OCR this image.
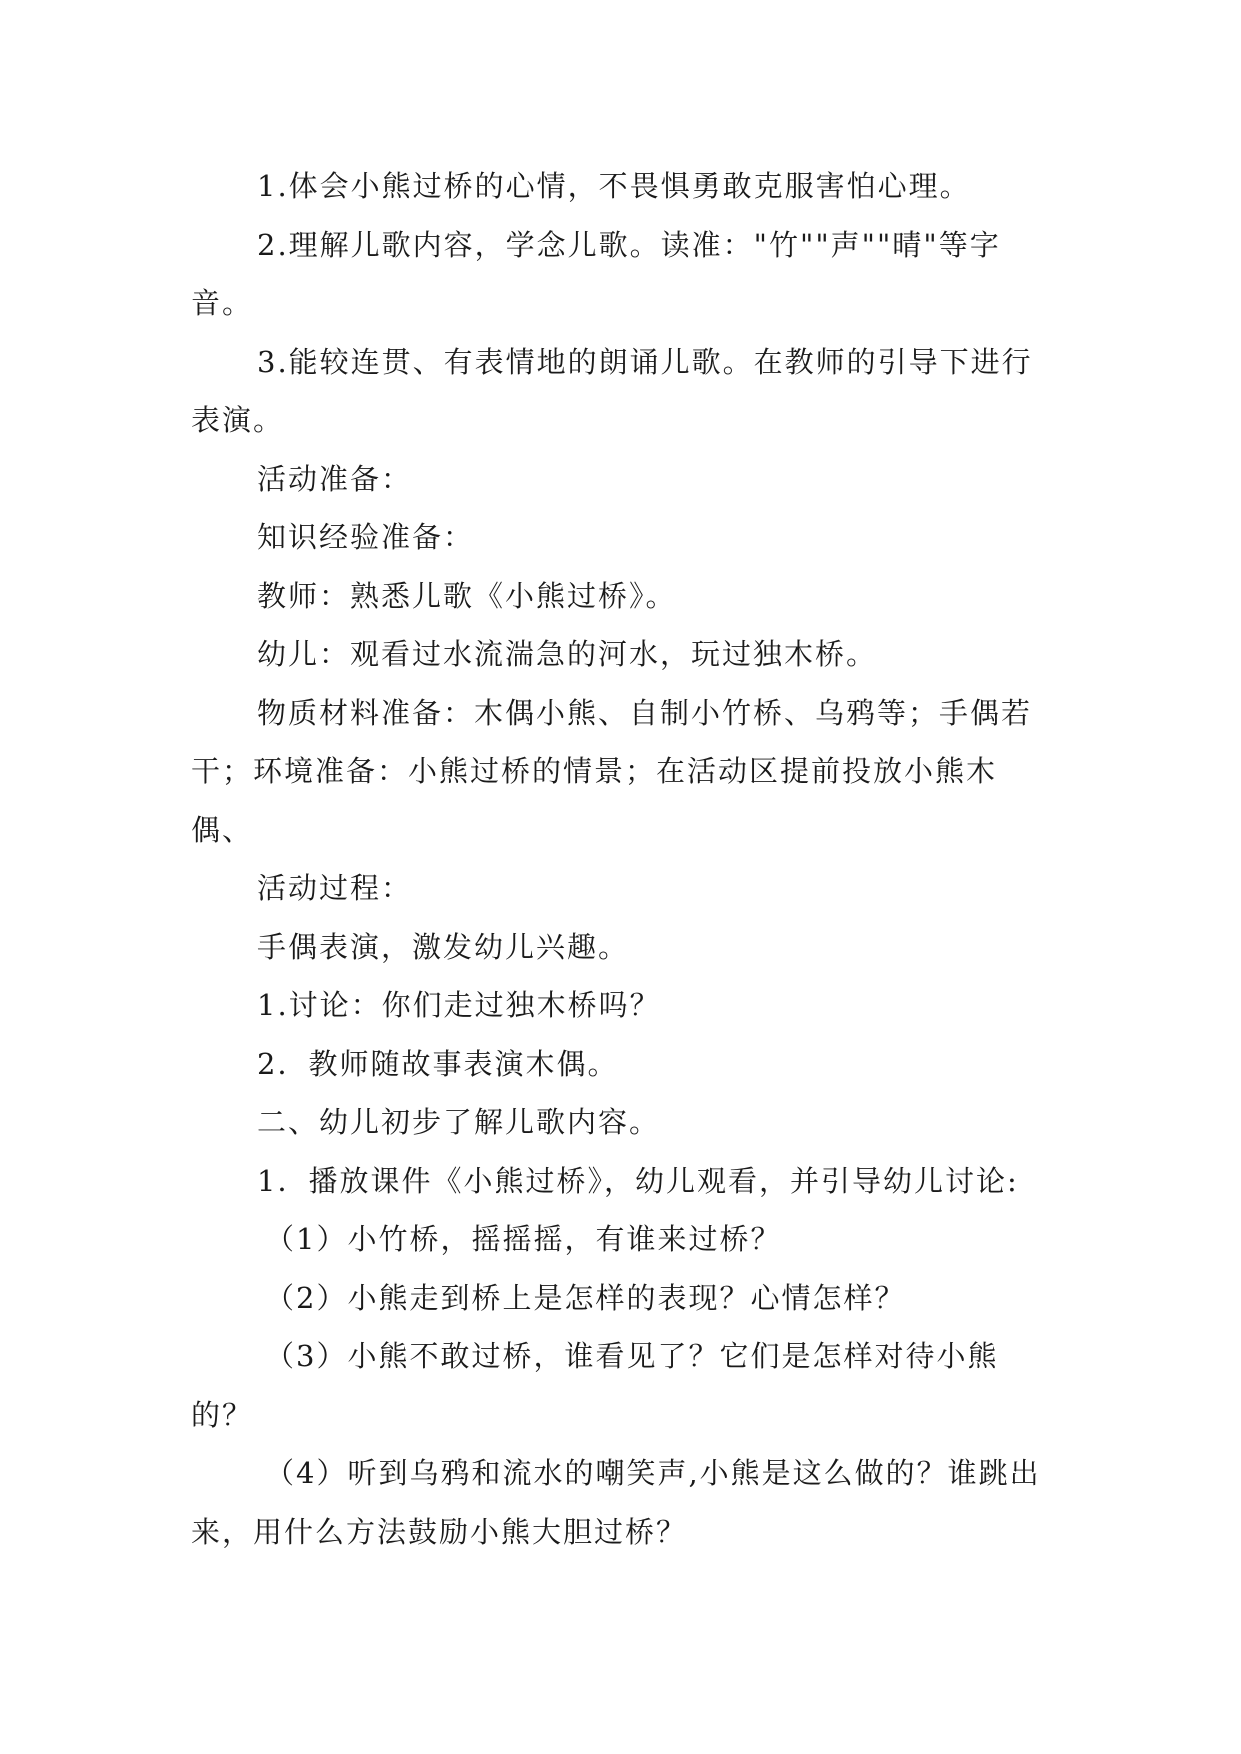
1.体会小熊过桥的心情，不畏惧勇敢克服害怕心理。

2.理解儿歌内容，学念儿歌。读准："竹""声""晴"等字音。

3.能较连贯、有表情地的朗诵儿歌。在教师的引导下进行表演。

活动准备：

知识经验准备：

教师：熟悉儿歌《小熊过桥》。

幼儿：观看过水流湍急的河水，玩过独木桥。

物质材料准备：木偶小熊、自制小竹桥、乌鸦等；手偶若干；环境准备：小熊过桥的情景；在活动区提前投放小熊木偶、

活动过程：

手偶表演，激发幼儿兴趣。

1.讨论：你们走过独木桥吗？

2．教师随故事表演木偶。

二、幼儿初步了解儿歌内容。

1．播放课件《小熊过桥》，幼儿观看，并引导幼儿讨论:

（1）小竹桥，摇摇摇，有谁来过桥？

（2）小熊走到桥上是怎样的表现？心情怎样？

（3）小熊不敢过桥，谁看见了？它们是怎样对待小熊的？

（4）听到乌鸦和流水的嘲笑声,小熊是这么做的？谁跳出来，用什么方法鼓励小熊大胆过桥？
